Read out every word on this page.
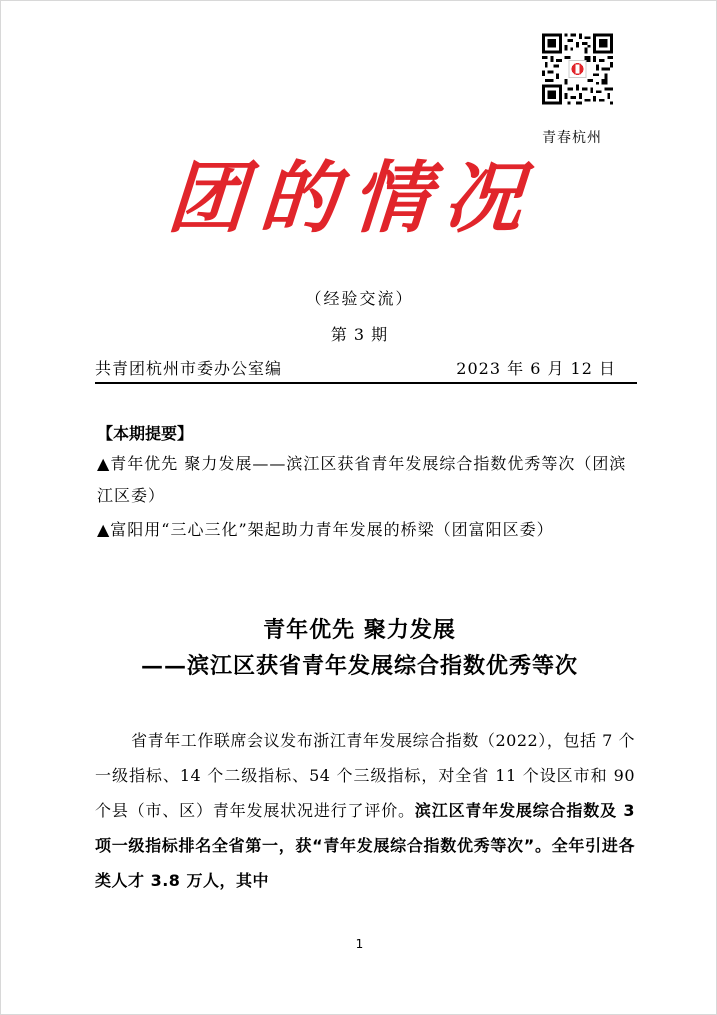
青春杭州
团的情况
（经验交流）
第 3 期
共青团杭州市委办公室编	2023 年 6 月 12 日
【本期提要】
▲青年优先 聚力发展——滨江区获省青年发展综合指数优秀等次（团滨江区委）
▲富阳用“三心三化”架起助力青年发展的桥梁（团富阳区委）
青年优先 聚力发展
——滨江区获省青年发展综合指数优秀等次
省青年工作联席会议发布浙江青年发展综合指数（2022），包括 7 个一级指标、14 个二级指标、54 个三级指标，对全省 11 个设区市和 90 个县（市、区）青年发展状况进行了评价。滨江区青年发展综合指数及 3 项一级指标排名全省第一，获“青年发展综合指数优秀等次”。全年引进各类人才 3.8 万人，其中
1
